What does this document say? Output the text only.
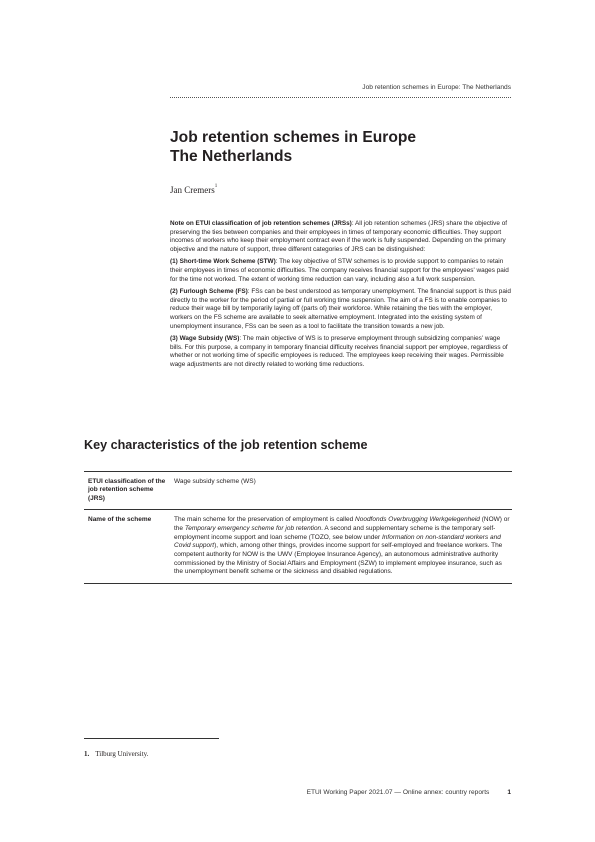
Job retention schemes in Europe: The Netherlands
Job retention schemes in Europe
The Netherlands
Jan Cremers$^1$

Note on ETUI classification of job retention schemes (JRSs): All job retention schemes (JRS) share the objective of preserving the ties between companies and their employees in times of temporary economic difficulties. They support incomes of workers who keep their employment contract even if the work is fully suspended. Depending on the primary objective and the nature of support, three different categories of JRS can be distinguished:

(1) Short-time Work Scheme (STW): The key objective of STW schemes is to provide support to companies to retain their employees in times of economic difficulties. The company receives financial support for the employees' wages paid for the time not worked. The extent of working time reduction can vary, including also a full work suspension.

(2) Furlough Scheme (FS): FSs can be best understood as temporary unemployment. The financial support is thus paid directly to the worker for the period of partial or full working time suspension. The aim of a FS is to enable companies to reduce their wage bill by temporarily laying off (parts of) their workforce. While retaining the ties with the employer, workers on the FS scheme are available to seek alternative employment. Integrated into the existing system of unemployment insurance, FSs can be seen as a tool to facilitate the transition towards a new job.

(3) Wage Subsidy (WS): The main objective of WS is to preserve employment through subsidizing companies' wage bills. For this purpose, a company in temporary financial difficulty receives financial support per employee, regardless of whether or not working time of specific employees is reduced. The employees keep receiving their wages. Permissible wage adjustments are not directly related to working time reductions.

Key characteristics of the job retention scheme
ETUI classification of the job retention scheme (JRS)
Wage subsidy scheme (WS)
Name of the scheme	The main scheme for the preservation of employment is called Noodfonds Overbrugging Werkgelegenheid (NOW) or the Temporary emergency scheme for job retention. A second and supplementary scheme is the temporary self-employment income support and loan scheme (TOZO, see below under Information on non-standard workers and Covid support), which, among other things, provides income support for self-employed and freelance workers. The competent authority for NOW is the UWV (Employee Insurance Agency), an autonomous administrative authority commissioned by the Ministry of Social Affairs and Employment (SZW) to implement employee insurance, such as the unemployment benefit scheme or the sickness and disabled regulations.
1. Tilburg University.
ETUI Working Paper 2021.07 — Online annex: country reports	1
